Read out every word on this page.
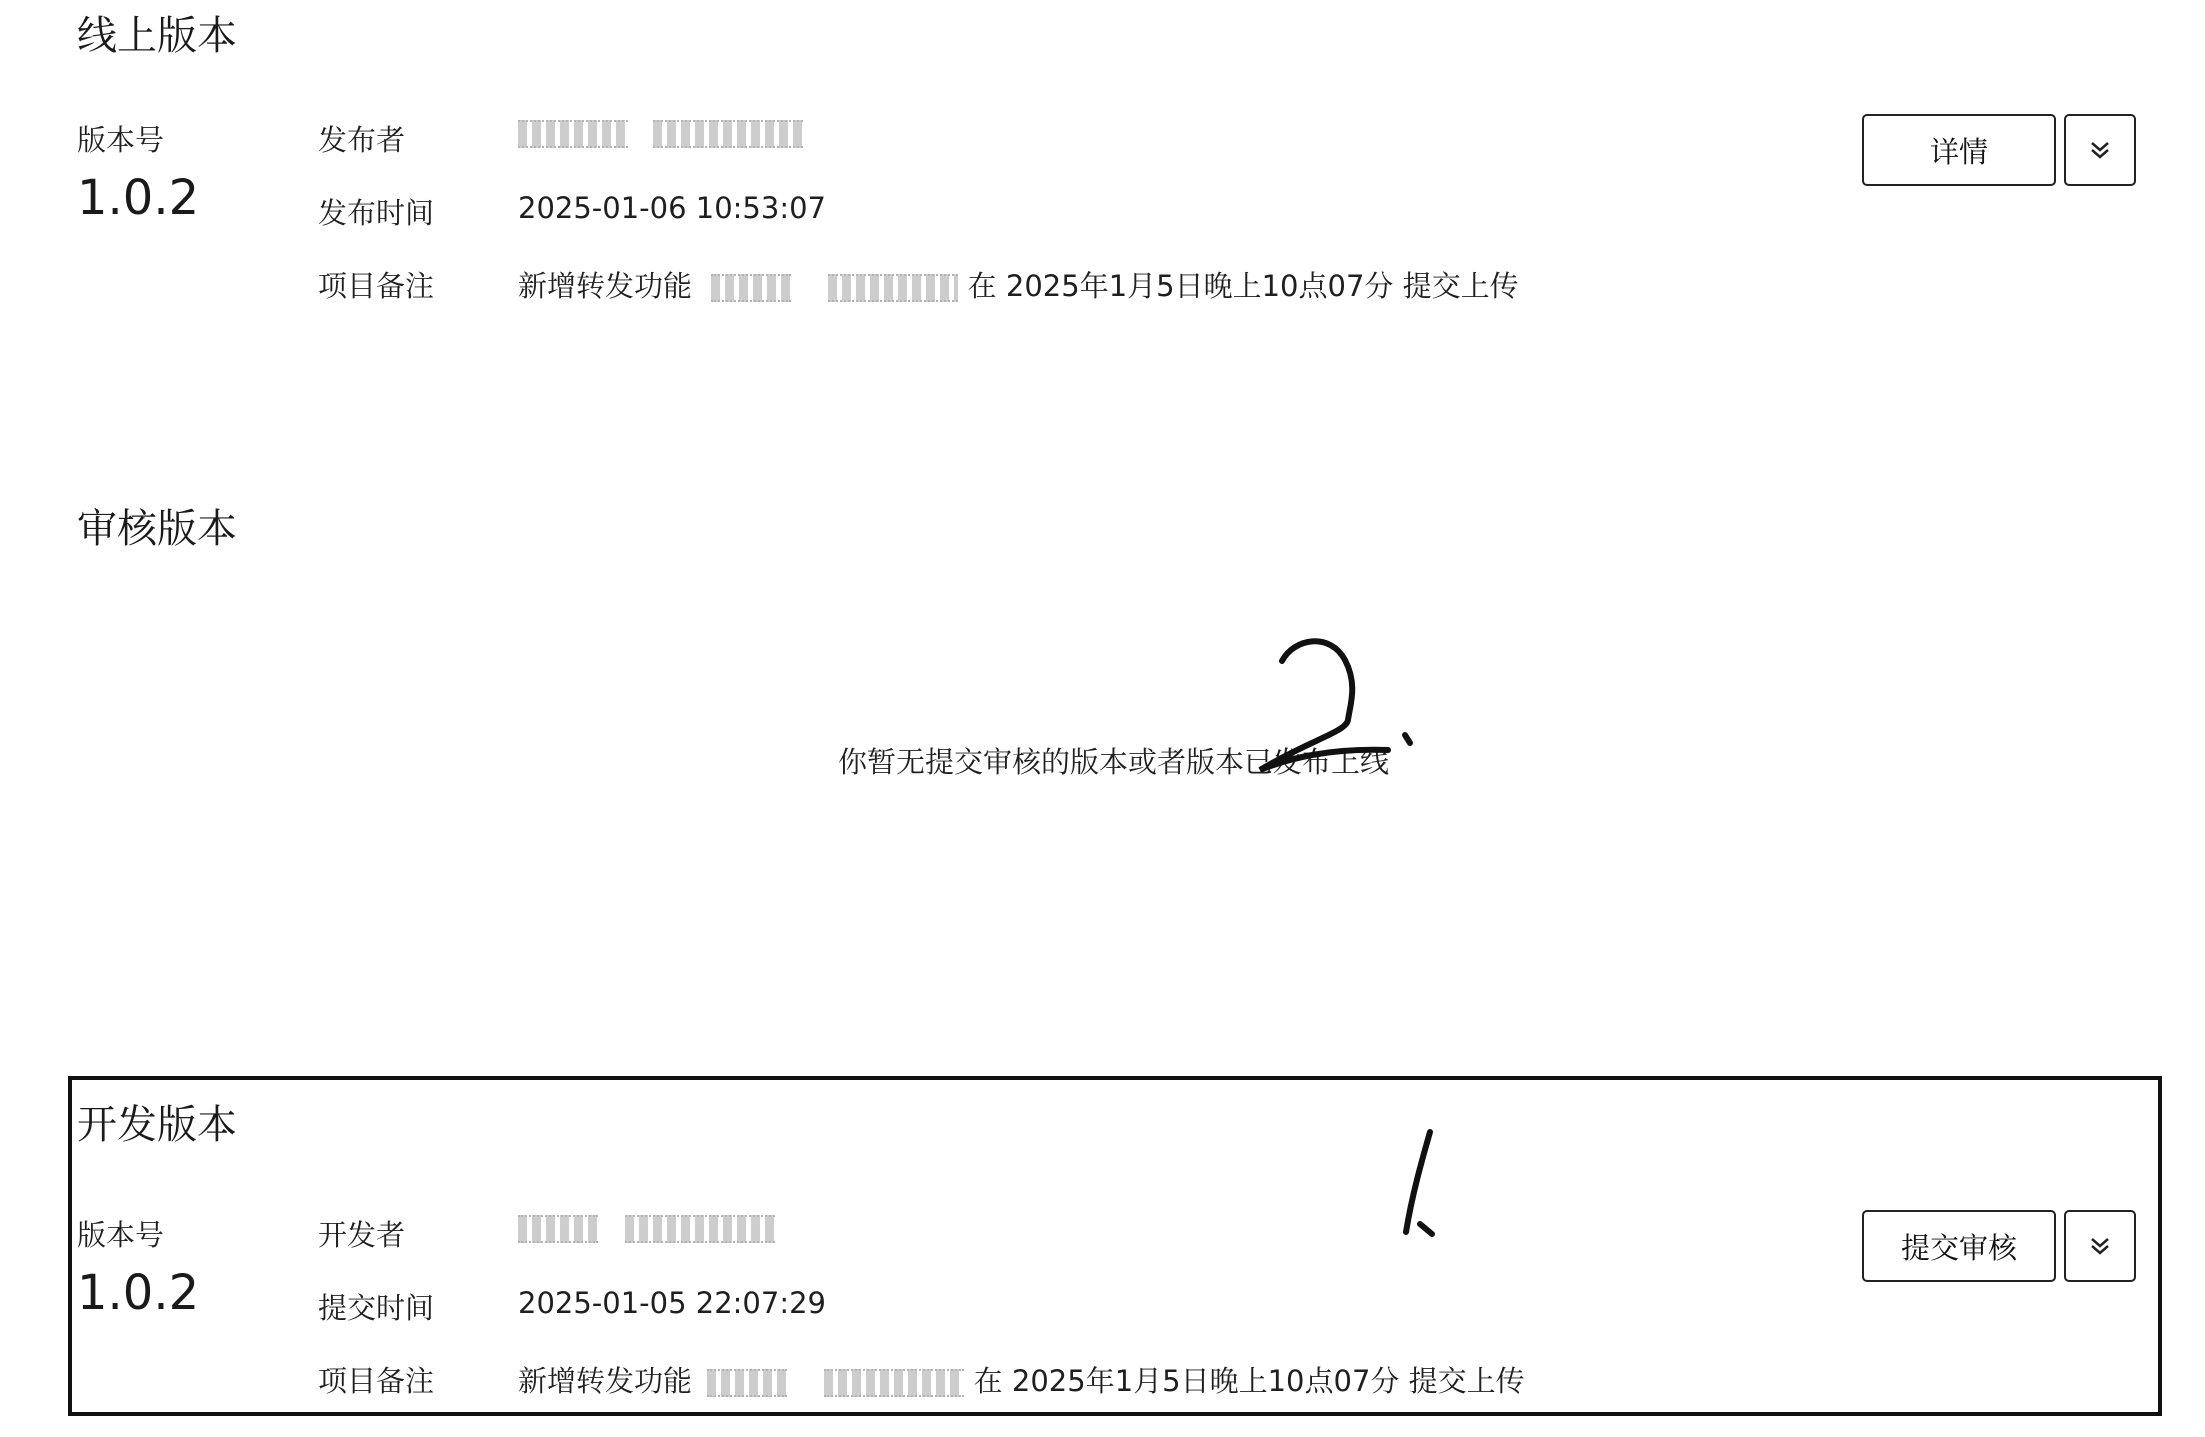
线上版本
版本号
1.0.2
发布者

发布时间	2025-01-06 10:53:07
项目备注	新增转发功能	在 2025年1月5日晚上10点07分 提交上传
详情
审核版本
你暂无提交审核的版本或者版本已发布上线
开发版本
版本号
1.0.2
开发者

提交时间	2025-01-05 22:07:29
项目备注	新增转发功能	在 2025年1月5日晚上10点07分 提交上传
提交审核
